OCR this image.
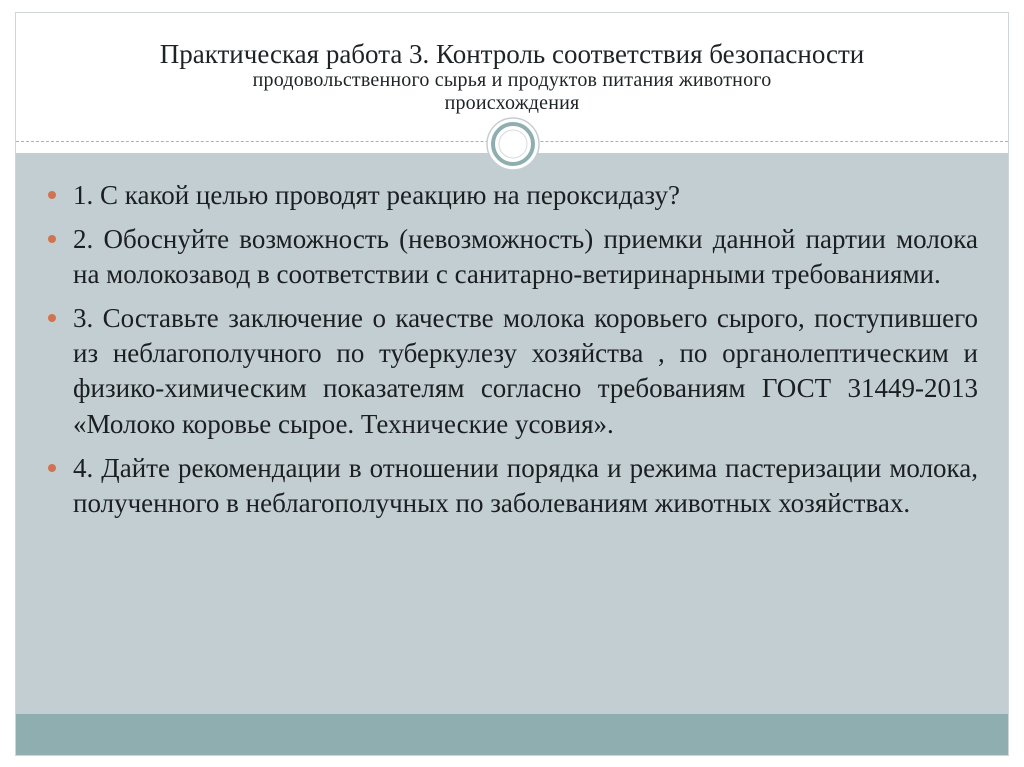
Практическая работа 3. Контроль соответствия безопасности
продовольственного сырья и продуктов питания животного
происхождения
1. С какой целью проводят реакцию на пероксидазу?
2. Обоснуйте возможность (невозможность) приемки данной партии молока на молокозавод в соответствии с санитарно-ветиринарными требованиями.
3. Составьте заключение о качестве молока коровьего сырого, поступившего из неблагополучного по туберкулезу хозяйства , по органолептическим и физико-химическим показателям согласно требованиям ГОСТ 31449-2013 «Молоко коровье сырое. Технические усовия».
4. Дайте рекомендации в отношении порядка и режима пастеризации молока, полученного в неблагополучных по заболеваниям животных хозяйствах.
